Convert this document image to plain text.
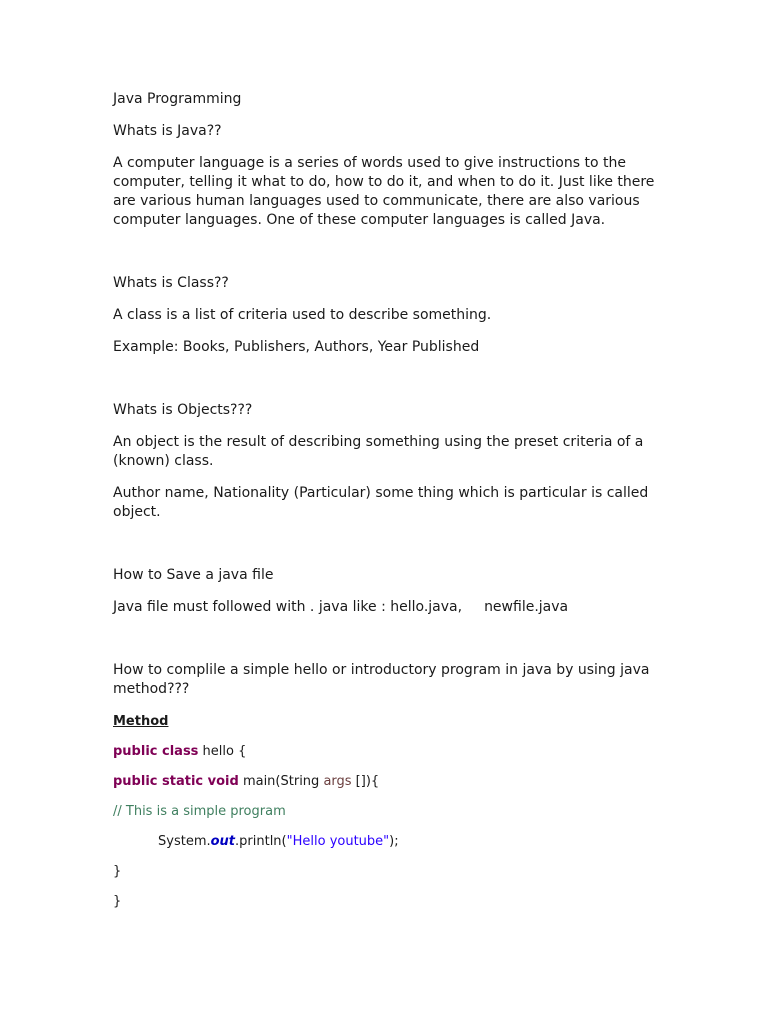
Java Programming

Whats is Java??

A computer language is a series of words used to give instructions to the computer, telling it what to do, how to do it, and when to do it. Just like there are various human languages used to communicate, there are also various computer languages. One of these computer languages is called Java.

Whats is Class??

A class is a list of criteria used to describe something.

Example: Books, Publishers, Authors, Year Published

Whats is Objects???

An object is the result of describing something using the preset criteria of a (known) class.

Author name, Nationality (Particular) some thing which is particular is called object.

How to Save a java file

Java file must followed with . java like : hello.java, newfile.java

How to complile a simple hello or introductory program in java by using java method???

Method

public class hello {

public static void main(String args []){

// This is a simple program

System.out.println("Hello youtube");

}

}
